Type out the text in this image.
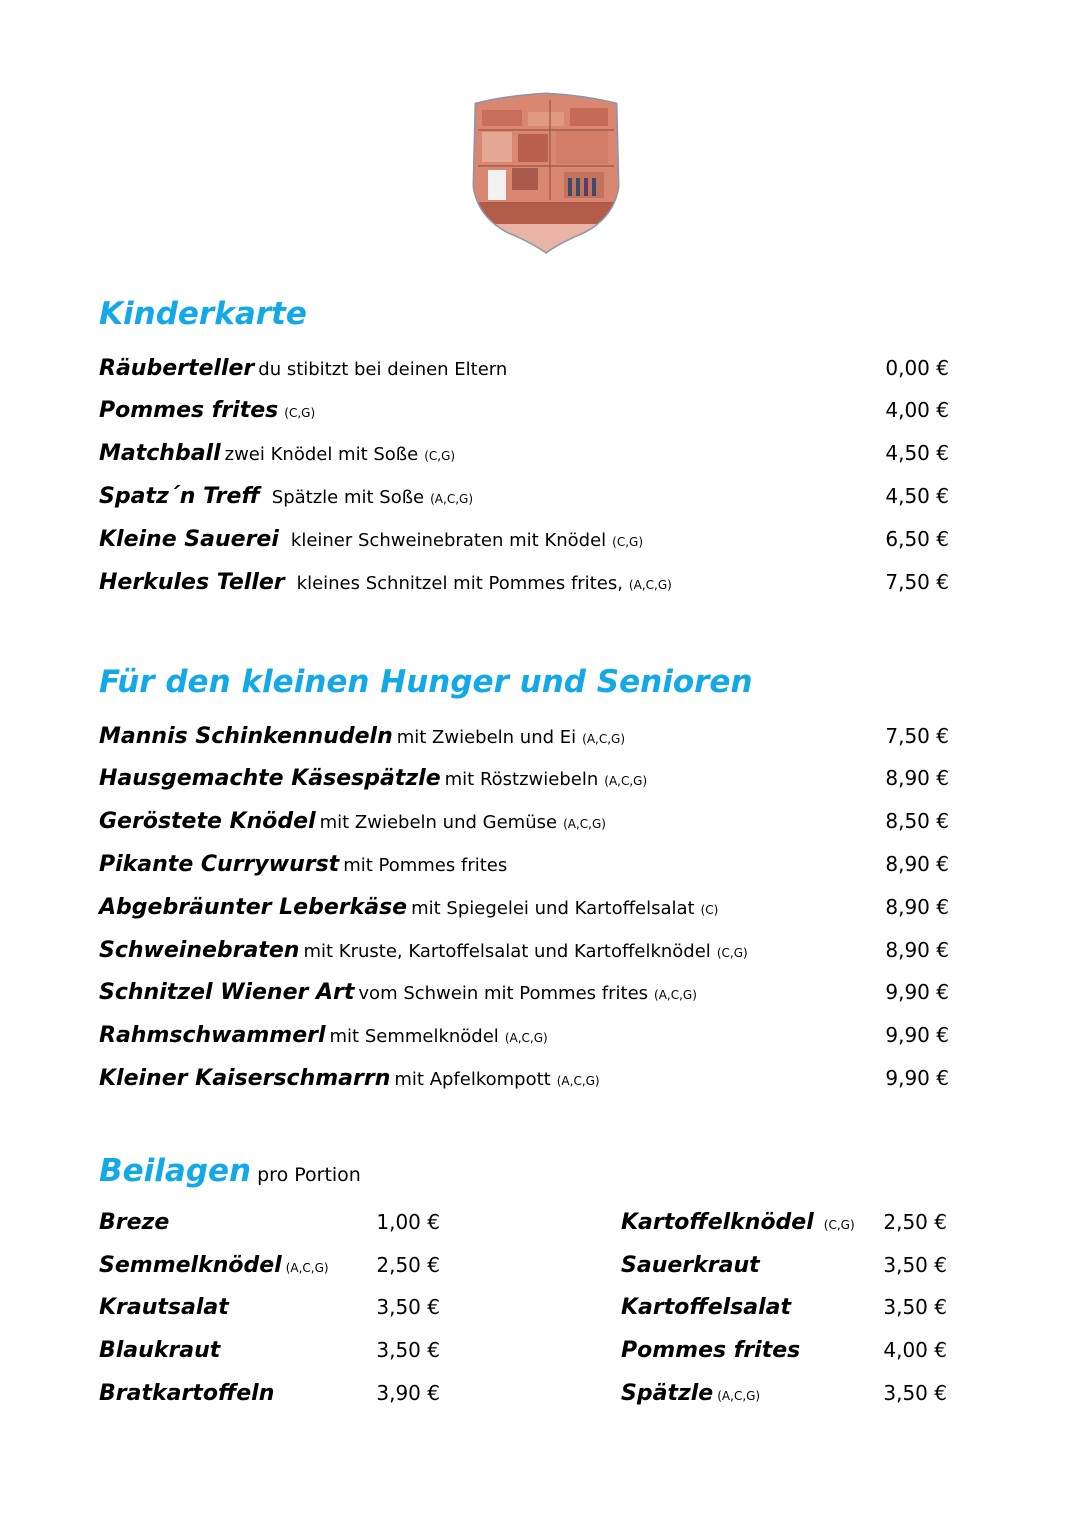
Kinderkarte
Räuberteller du stibitzt bei deinen Eltern	0,00 €
Pommes frites (C,G)	4,00 €
Matchball zwei Knödel mit Soße (C,G)	4,50 €
Spatz´n Treff Spätzle mit Soße (A,C,G)	4,50 €
Kleine Sauerei kleiner Schweinebraten mit Knödel (C,G)	6,50 €
Herkules Teller kleines Schnitzel mit Pommes frites, (A,C,G)	7,50 €
Für den kleinen Hunger und Senioren
Mannis Schinkennudeln mit Zwiebeln und Ei (A,C,G)	7,50 €
Hausgemachte Käsespätzle mit Röstzwiebeln (A,C,G)	8,90 €
Geröstete Knödel mit Zwiebeln und Gemüse (A,C,G)	8,50 €
Pikante Currywurst mit Pommes frites	8,90 €
Abgebräunter Leberkäse mit Spiegelei und Kartoffelsalat (C)	8,90 €
Schweinebraten mit Kruste, Kartoffelsalat und Kartoffelknödel (C,G)	8,90 €
Schnitzel Wiener Art vom Schwein mit Pommes frites (A,C,G)	9,90 €
Rahmschwammerl mit Semmelknödel (A,C,G)	9,90 €
Kleiner Kaiserschmarrn mit Apfelkompott (A,C,G)	9,90 €
Beilagen pro Portion
Breze	1,00 €
Semmelknödel (A,C,G) 2,50 €
Krautsalat	3,50 €
Blaukraut	3,50 €
Bratkartoffeln	3,90 €
Kartoffelknödel (C,G) 2,50 €
Sauerkraut	3,50 €
Kartoffelsalat	3,50 €
Pommes frites	4,00 €
Spätzle (A,C,G)	3,50 €
